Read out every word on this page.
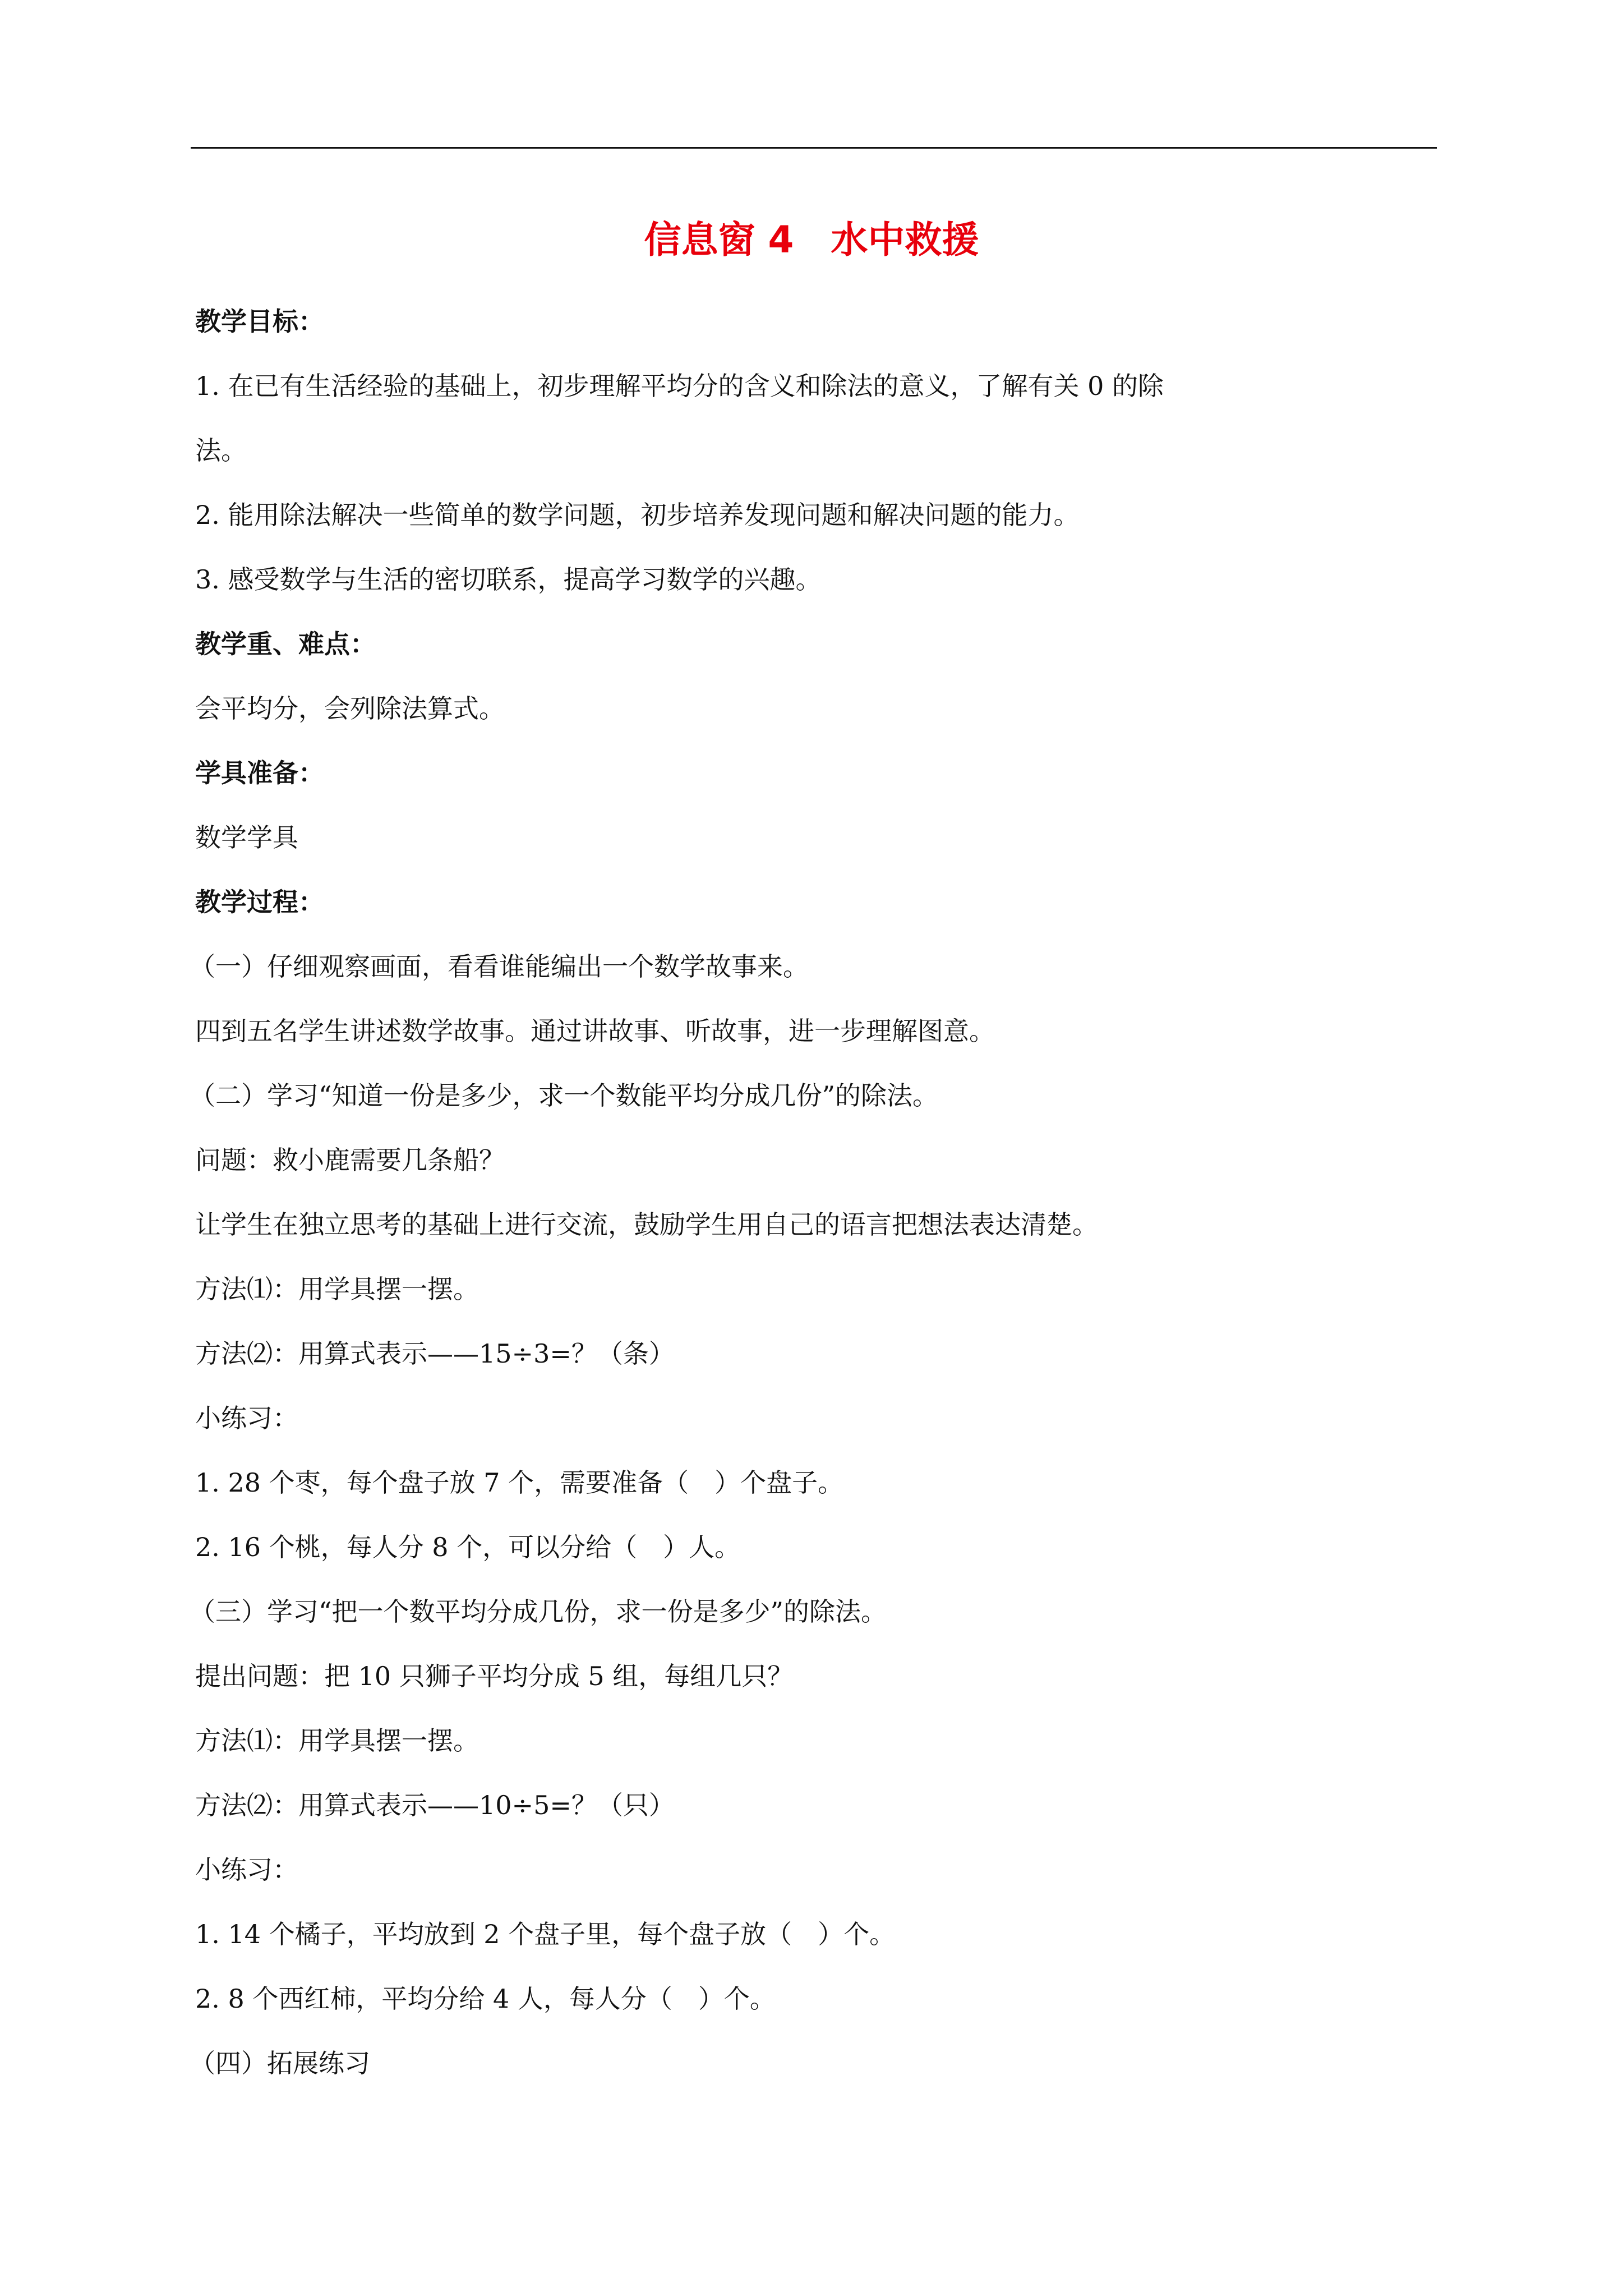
信息窗 4　水中救援
教学目标：
1. 在已有生活经验的基础上，初步理解平均分的含义和除法的意义，了解有关 0 的除
法。
2. 能用除法解决一些简单的数学问题，初步培养发现问题和解决问题的能力。
3. 感受数学与生活的密切联系，提高学习数学的兴趣。
教学重、难点：
会平均分，会列除法算式。
学具准备：
数学学具
教学过程：
（一）仔细观察画面，看看谁能编出一个数学故事来。
四到五名学生讲述数学故事。通过讲故事、听故事，进一步理解图意。
（二）学习“知道一份是多少，求一个数能平均分成几份”的除法。
问题：救小鹿需要几条船？
让学生在独立思考的基础上进行交流，鼓励学生用自己的语言把想法表达清楚。
方法⑴：用学具摆一摆。
方法⑵：用算式表示——15÷3=？（条）
小练习：
1. 28 个枣，每个盘子放 7 个，需要准备（　）个盘子。
2. 16 个桃，每人分 8 个，可以分给（　）人。
（三）学习“把一个数平均分成几份，求一份是多少”的除法。
提出问题：把 10 只狮子平均分成 5 组，每组几只？
方法⑴：用学具摆一摆。
方法⑵：用算式表示——10÷5=？（只）
小练习：
1. 14 个橘子，平均放到 2 个盘子里，每个盘子放（　）个。
2. 8 个西红柿，平均分给 4 人，每人分（　）个。
（四）拓展练习
